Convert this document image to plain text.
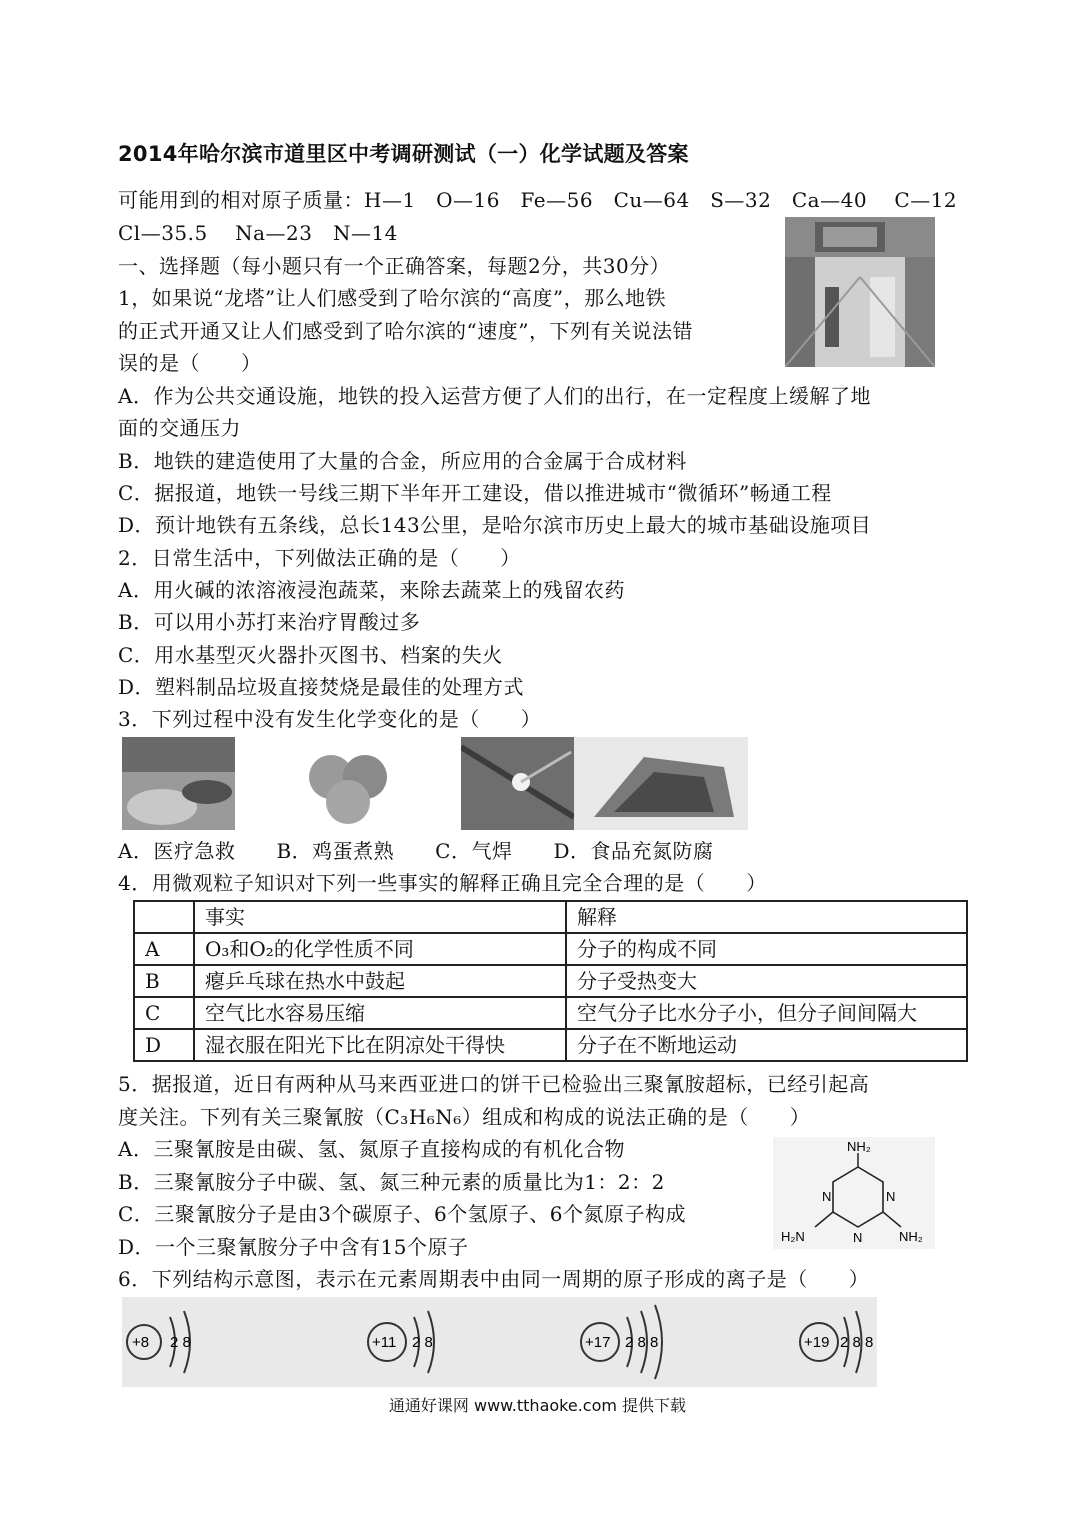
2014年哈尔滨市道里区中考调研测试（一）化学试题及答案
可能用到的相对原子质量：H—1　O—16　Fe—56　Cu—64　S—32　Ca—40　 C—12
Cl—35.5　 Na—23　N—14
一、选择题（每小题只有一个正确答案，每题2分，共30分）
1，如果说“龙塔”让人们感受到了哈尔滨的“高度”，那么地铁
的正式开通又让人们感受到了哈尔滨的“速度”，下列有关说法错
误的是（　　）
A．作为公共交通设施，地铁的投入运营方便了人们的出行，在一定程度上缓解了地
面的交通压力
B．地铁的建造使用了大量的合金，所应用的合金属于合成材料
C．据报道，地铁一号线三期下半年开工建设，借以推进城市“微循环”畅通工程
D．预计地铁有五条线，总长143公里，是哈尔滨市历史上最大的城市基础设施项目
2．日常生活中，下列做法正确的是（　　）
A．用火碱的浓溶液浸泡蔬菜，来除去蔬菜上的残留农药
B．可以用小苏打来治疗胃酸过多
C．用水基型灭火器扑灭图书、档案的失火
D．塑料制品垃圾直接焚烧是最佳的处理方式
3．下列过程中没有发生化学变化的是（　　）
A．医疗急救　　B．鸡蛋煮熟　　C．气焊　　D．食品充氮防腐
4．用微观粒子知识对下列一些事实的解释正确且完全合理的是（　　）
	事实	解释
A	O₃和O₂的化学性质不同	分子的构成不同
B	瘪乒乓球在热水中鼓起	分子受热变大
C	空气比水容易压缩	空气分子比水分子小，但分子间间隔大
D	湿衣服在阳光下比在阴凉处干得快	分子在不断地运动
5．据报道，近日有两种从马来西亚进口的饼干已检验出三聚氰胺超标，已经引起高
度关注。下列有关三聚氰胺（C₃H₆N₆）组成和构成的说法正确的是（　　）
A．三聚氰胺是由碳、氢、氮原子直接构成的有机化合物
B．三聚氰胺分子中碳、氢、氮三种元素的质量比为1：2：2
C．三聚氰胺分子是由3个碳原子、6个氢原子、6个氮原子构成
D．一个三聚氰胺分子中含有15个原子
NH₂
H₂N	NH₂
N	N
N
6．下列结构示意图，表示在元素周期表中由同一周期的原子形成的离子是（　　）
+8 2 8	+11 2 8	+17 2 8 8	+19 2 8 8
通通好课网 www.tthaoke.com 提供下载
